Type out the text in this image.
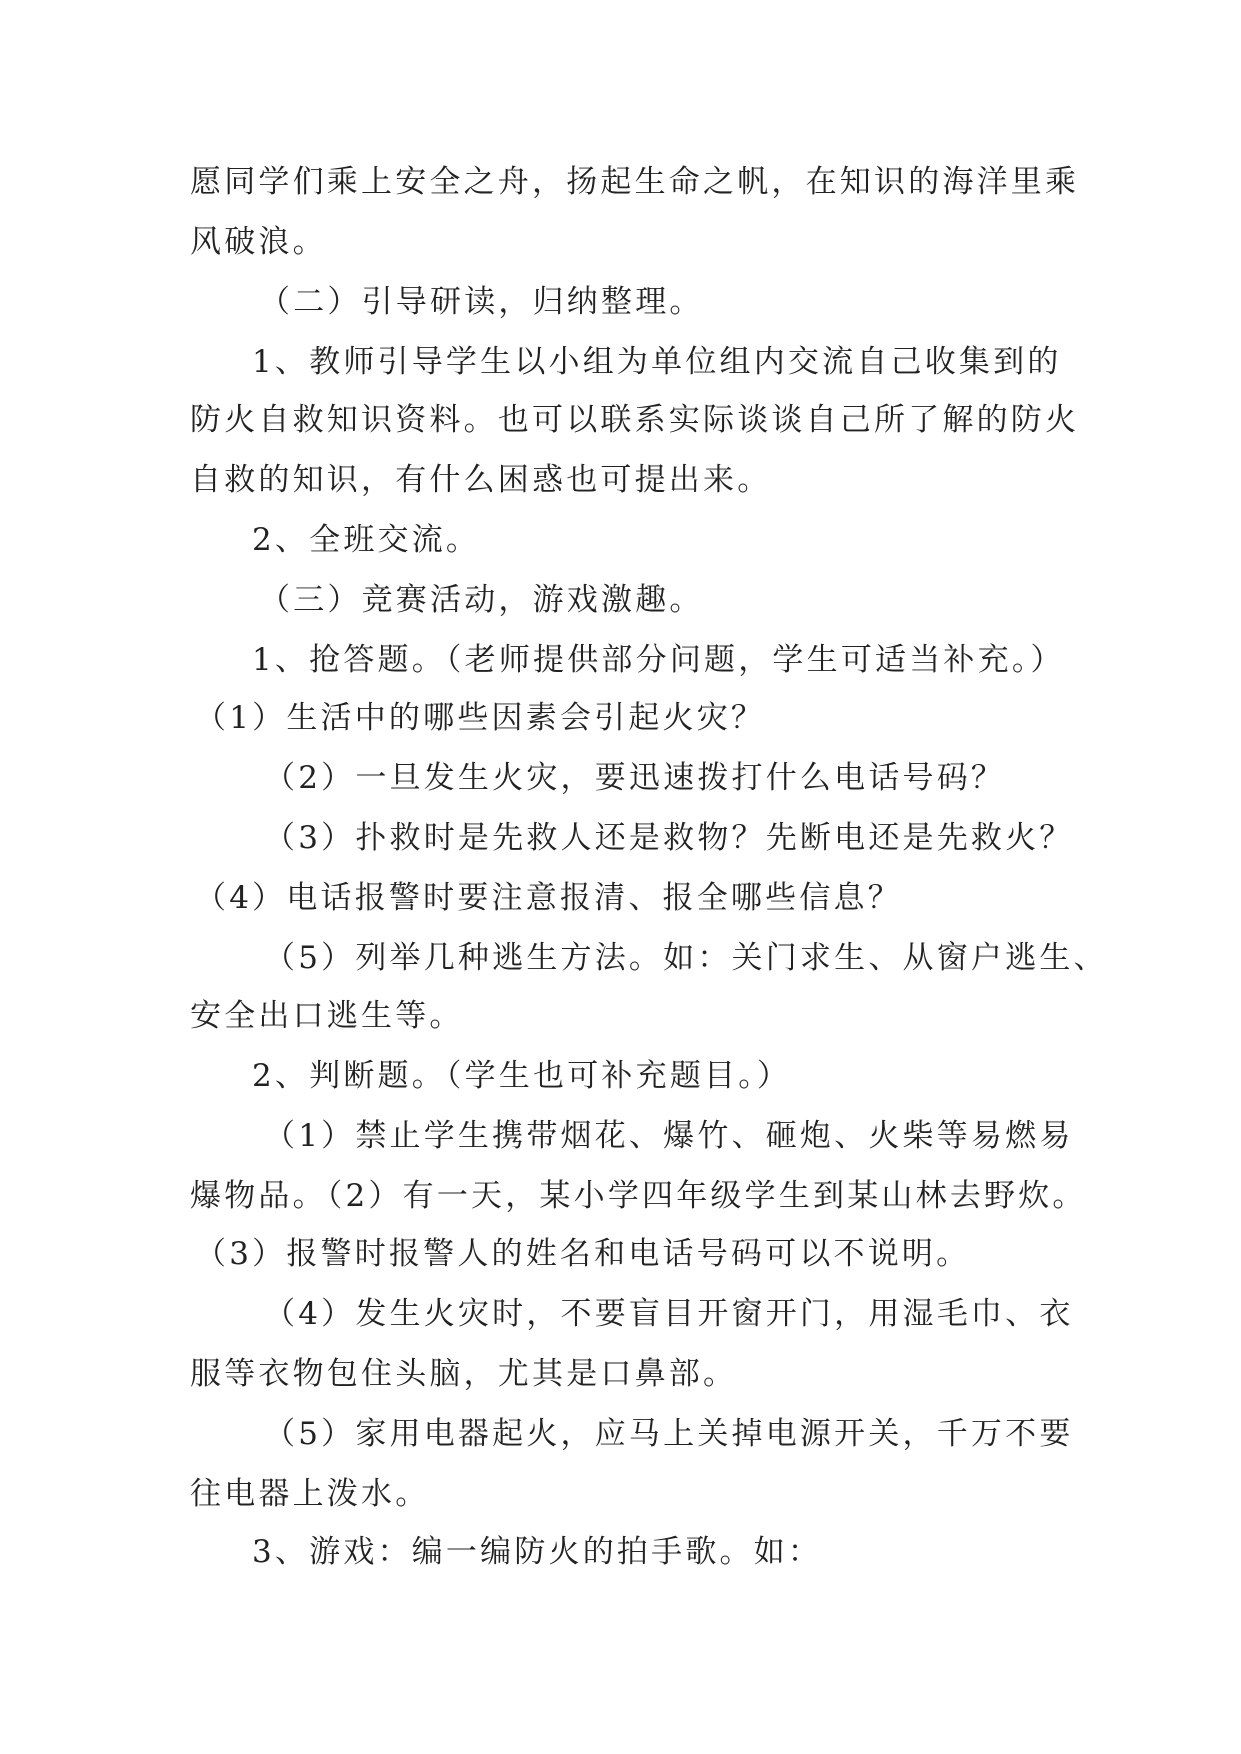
愿同学们乘上安全之舟，扬起生命之帆，在知识的海洋里乘
风破浪。
（二）引导研读，归纳整理。
1、教师引导学生以小组为单位组内交流自己收集到的
防火自救知识资料。也可以联系实际谈谈自己所了解的防火
自救的知识，有什么困惑也可提出来。
2、全班交流。
（三）竞赛活动，游戏激趣。
1、抢答题。（老师提供部分问题，学生可适当补充。）
（1）生活中的哪些因素会引起火灾？
（2）一旦发生火灾，要迅速拨打什么电话号码？
（3）扑救时是先救人还是救物？先断电还是先救火？
（4）电话报警时要注意报清、报全哪些信息？
（5）列举几种逃生方法。如：关门求生、从窗户逃生、
安全出口逃生等。
2、判断题。（学生也可补充题目。）
（1）禁止学生携带烟花、爆竹、砸炮、火柴等易燃易
爆物品。（2）有一天，某小学四年级学生到某山林去野炊。
（3）报警时报警人的姓名和电话号码可以不说明。
（4）发生火灾时，不要盲目开窗开门，用湿毛巾、衣
服等衣物包住头脑，尤其是口鼻部。
（5）家用电器起火，应马上关掉电源开关，千万不要
往电器上泼水。
3、游戏：编一编防火的拍手歌。如：
